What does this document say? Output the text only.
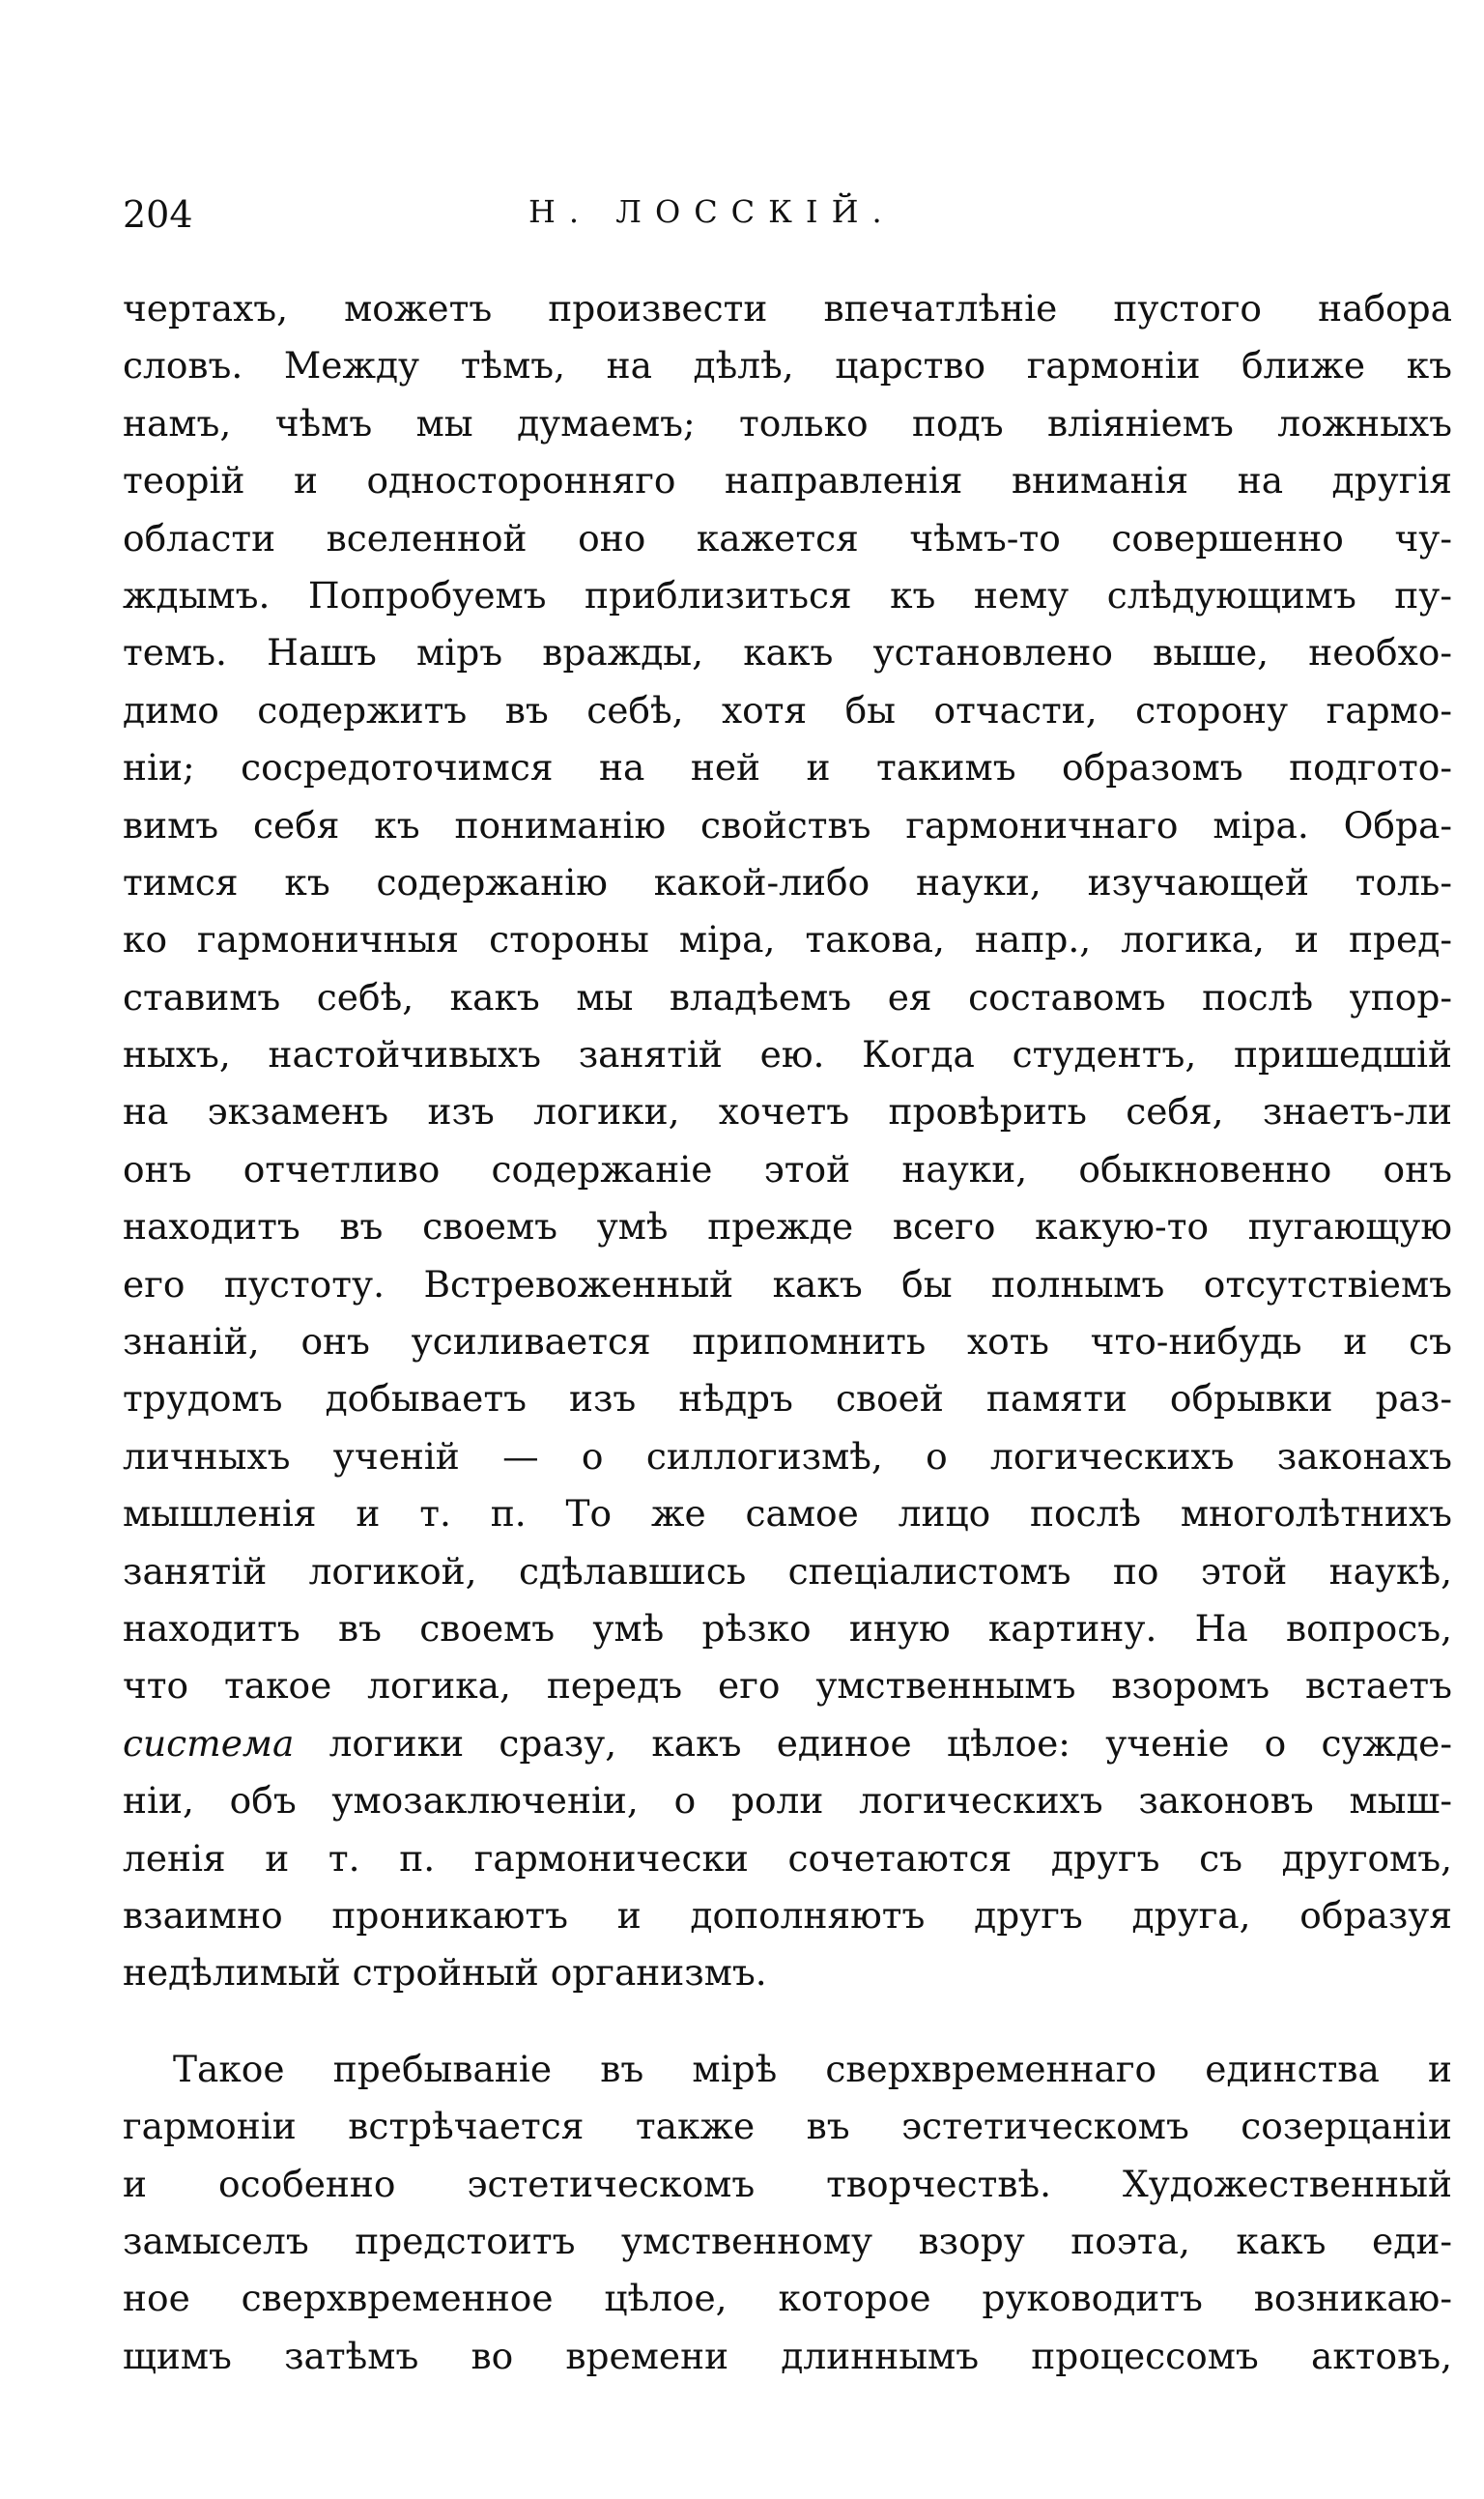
204	Н. ЛОССКІЙ.
чертахъ, можетъ произвести впечатлѣніе пустого набора
словъ. Между тѣмъ, на дѣлѣ, царство гармоніи ближе къ
намъ, чѣмъ мы думаемъ; только подъ вліяніемъ ложныхъ
теорій и односторонняго направленія вниманія на другія
области вселенной оно кажется чѣмъ-то совершенно чу-
ждымъ. Попробуемъ приблизиться къ нему слѣдующимъ пу-
темъ. Нашъ міръ вражды, какъ установлено выше, необхо-
димо содержитъ въ себѣ, хотя бы отчасти, сторону гармо-
ніи; сосредоточимся на ней и такимъ образомъ подгото-
вимъ себя къ пониманію свойствъ гармоничнаго міра. Обра-
тимся къ содержанію какой-либо науки, изучающей толь-
ко гармоничныя стороны міра, такова, напр., логика, и пред-
ставимъ себѣ, какъ мы владѣемъ ея составомъ послѣ упор-
ныхъ, настойчивыхъ занятій ею. Когда студентъ, пришедшій
на экзаменъ изъ логики, хочетъ провѣрить себя, знаетъ-ли
онъ отчетливо содержаніе этой науки, обыкновенно онъ
находитъ въ своемъ умѣ прежде всего какую-то пугающую
его пустоту. Встревоженный какъ бы полнымъ отсутствіемъ
знаній, онъ усиливается припомнить хоть что-нибудь и съ
трудомъ добываетъ изъ нѣдръ своей памяти обрывки раз-
личныхъ ученій — о силлогизмѣ, о логическихъ законахъ
мышленія и т. п. То же самое лицо послѣ многолѣтнихъ
занятій логикой, сдѣлавшись спеціалистомъ по этой наукѣ,
находитъ въ своемъ умѣ рѣзко иную картину. На вопросъ,
что такое логика, передъ его умственнымъ взоромъ встаетъ
система логики сразу, какъ единое цѣлое: ученіе о сужде-
ніи, объ умозаключеніи, о роли логическихъ законовъ мыш-
ленія и т. п. гармонически сочетаются другъ съ другомъ,
взаимно проникаютъ и дополняютъ другъ друга, образуя
недѣлимый стройный организмъ.
Такое пребываніе въ мірѣ сверхвременнаго единства и
гармоніи встрѣчается также въ эстетическомъ созерцаніи
и особенно эстетическомъ творчествѣ. Художественный
замыселъ предстоитъ умственному взору поэта, какъ еди-
ное сверхвременное цѣлое, которое руководитъ возникаю-
щимъ затѣмъ во времени длиннымъ процессомъ актовъ,
